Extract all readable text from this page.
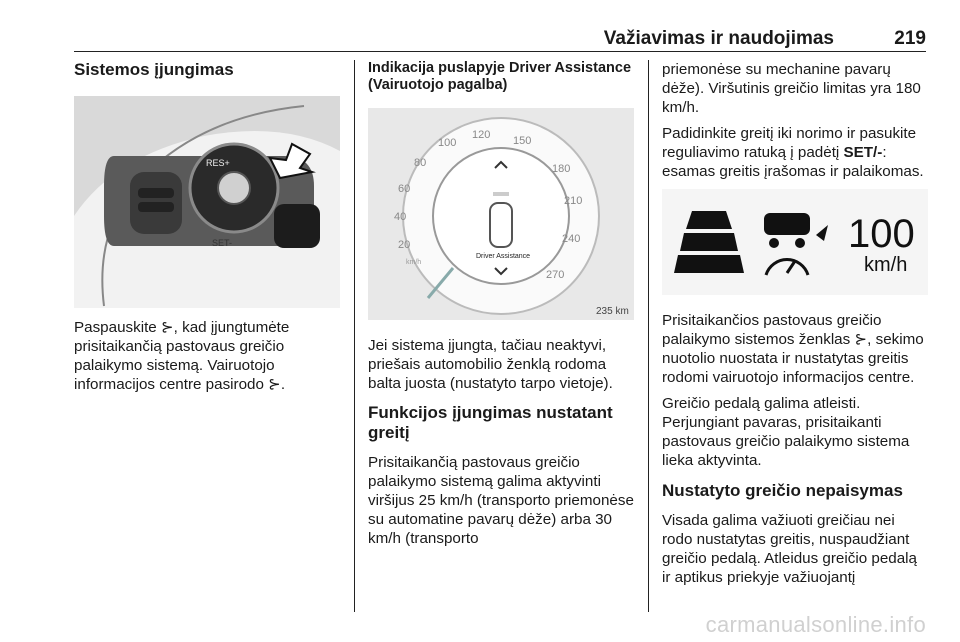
Važiavimas ir naudojimas	219
Sistemos įjungimas
RES+
SET-

Paspauskite ⊱, kad įjungtumėte prisitaikančią pastovaus greičio palaikymo sistemą. Vairuotojo informacijos centre pasirodo ⊱.

Indikacija puslapyje Driver Assistance (Vairuotojo pagalba)
20
40
60
80
100
120 150
180
210
240
270
km/h
Driver Assistance
235 km

Jei sistema įjungta, tačiau neaktyvi, priešais automobilio ženklą rodoma balta juosta (nustatyto tarpo vietoje).

Funkcijos įjungimas nustatant greitį

Prisitaikančią pastovaus greičio palaikymo sistemą galima aktyvinti viršijus 25 km/h (transporto priemonėse su automatine pavarų dėže) arba 30 km/h (transporto

priemonėse su mechanine pavarų dėže). Viršutinis greičio limitas yra 180 km/h.

Padidinkite greitį iki norimo ir pasukite reguliavimo ratuką į padėtį SET/-: esamas greitis įrašomas ir palaikomas.

100
km/h

Prisitaikančios pastovaus greičio palaikymo sistemos ženklas ⊱, sekimo nuotolio nuostata ir nustatytas greitis rodomi vairuotojo informacijos centre.

Greičio pedalą galima atleisti. Perjungiant pavaras, prisitaikanti pastovaus greičio palaikymo sistema lieka aktyvinta.

Nustatyto greičio nepaisymas

Visada galima važiuoti greičiau nei rodo nustatytas greitis, nuspaudžiant greičio pedalą. Atleidus greičio pedalą ir aptikus priekyje važiuojantį

carmanualsonline.info
